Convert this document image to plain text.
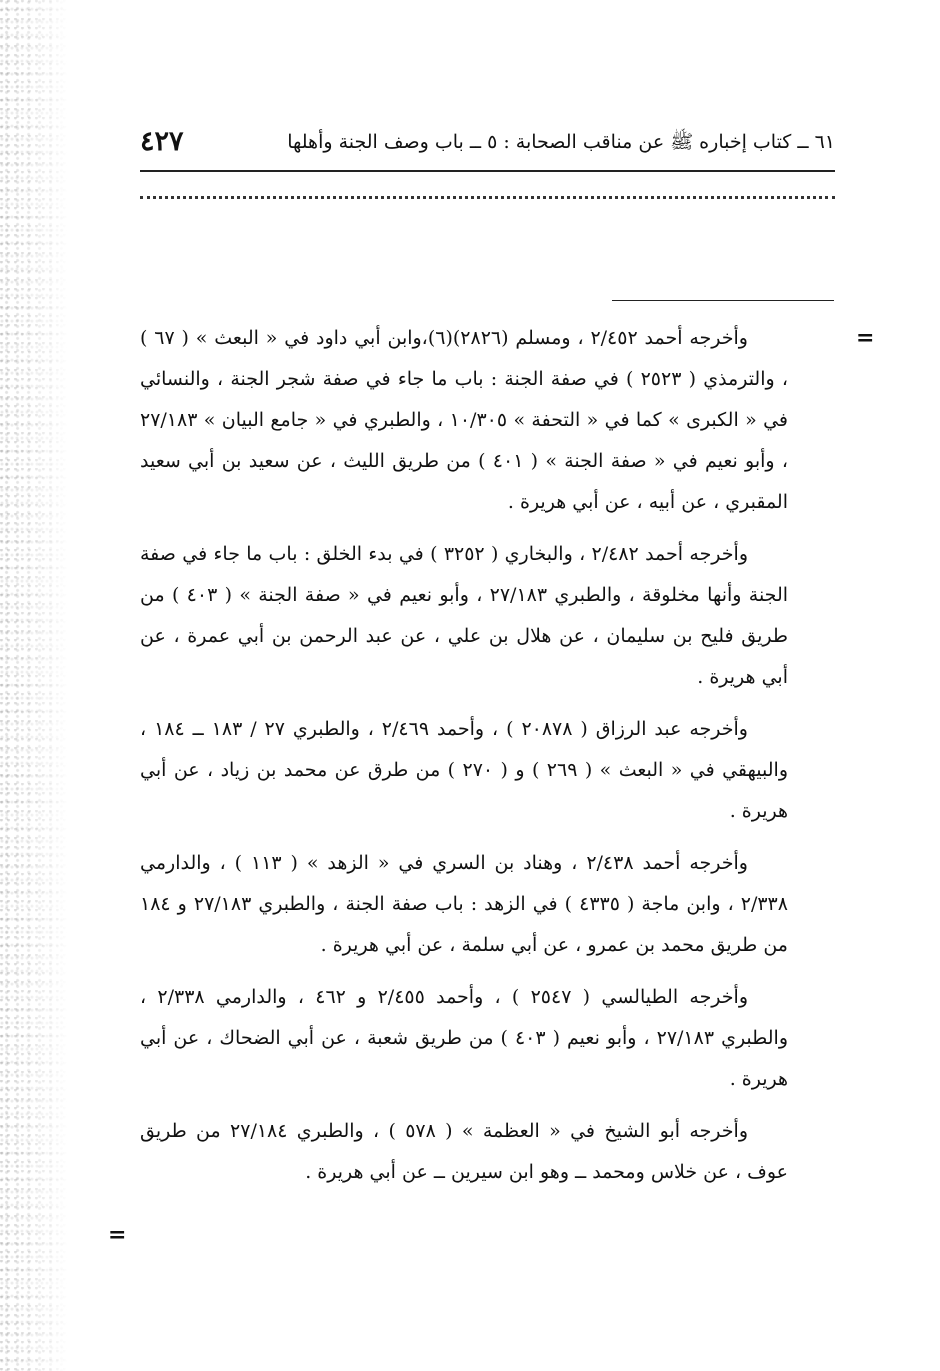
٦١ ــ كتاب إخباره ﷺ عن مناقب الصحابة : ٥ ــ باب وصف الجنة وأهلها
٤٢٧
=

وأخرجه أحمد ٢/٤٥٢ ، ومسلم (٢٨٢٦)(٦)،وابن أبي داود في « البعث » ( ٦٧ ) ، والترمذي ( ٢٥٢٣ ) في صفة الجنة : باب ما جاء في صفة شجر الجنة ، والنسائي في « الكبرى » كما في « التحفة » ١٠/٣٠٥ ، والطبري في « جامع البيان » ٢٧/١٨٣ ، وأبو نعيم في « صفة الجنة » ( ٤٠١ ) من طريق الليث ، عن سعيد بن أبي سعيد المقبري ، عن أبيه ، عن أبي هريرة .

وأخرجه أحمد ٢/٤٨٢ ، والبخاري ( ٣٢٥٢ ) في بدء الخلق : باب ما جاء في صفة الجنة وأنها مخلوقة ، والطبري ٢٧/١٨٣ ، وأبو نعيم في « صفة الجنة » ( ٤٠٣ ) من طريق فليح بن سليمان ، عن هلال بن علي ، عن عبد الرحمن بن أبي عمرة ، عن أبي هريرة .

وأخرجه عبد الرزاق ( ٢٠٨٧٨ ) ، وأحمد ٢/٤٦٩ ، والطبري ٢٧ / ١٨٣ ــ ١٨٤ ، والبيهقي في « البعث » ( ٢٦٩ ) و ( ٢٧٠ ) من طرق عن محمد بن زياد ، عن أبي هريرة .

وأخرجه أحمد ٢/٤٣٨ ، وهناد بن السري في « الزهد » ( ١١٣ ) ، والدارمي ٢/٣٣٨ ، وابن ماجة ( ٤٣٣٥ ) في الزهد : باب صفة الجنة ، والطبري ٢٧/١٨٣ و ١٨٤ من طريق محمد بن عمرو ، عن أبي سلمة ، عن أبي هريرة .

وأخرجه الطيالسي ( ٢٥٤٧ ) ، وأحمد ٢/٤٥٥ و ٤٦٢ ، والدارمي ٢/٣٣٨ ، والطبري ٢٧/١٨٣ ، وأبو نعيم ( ٤٠٣ ) من طريق شعبة ، عن أبي الضحاك ، عن أبي هريرة .

وأخرجه أبو الشيخ في « العظمة » ( ٥٧٨ ) ، والطبري ٢٧/١٨٤ من طريق عوف ، عن خلاس ومحمد ــ وهو ابن سيرين ــ عن أبي هريرة .

=
